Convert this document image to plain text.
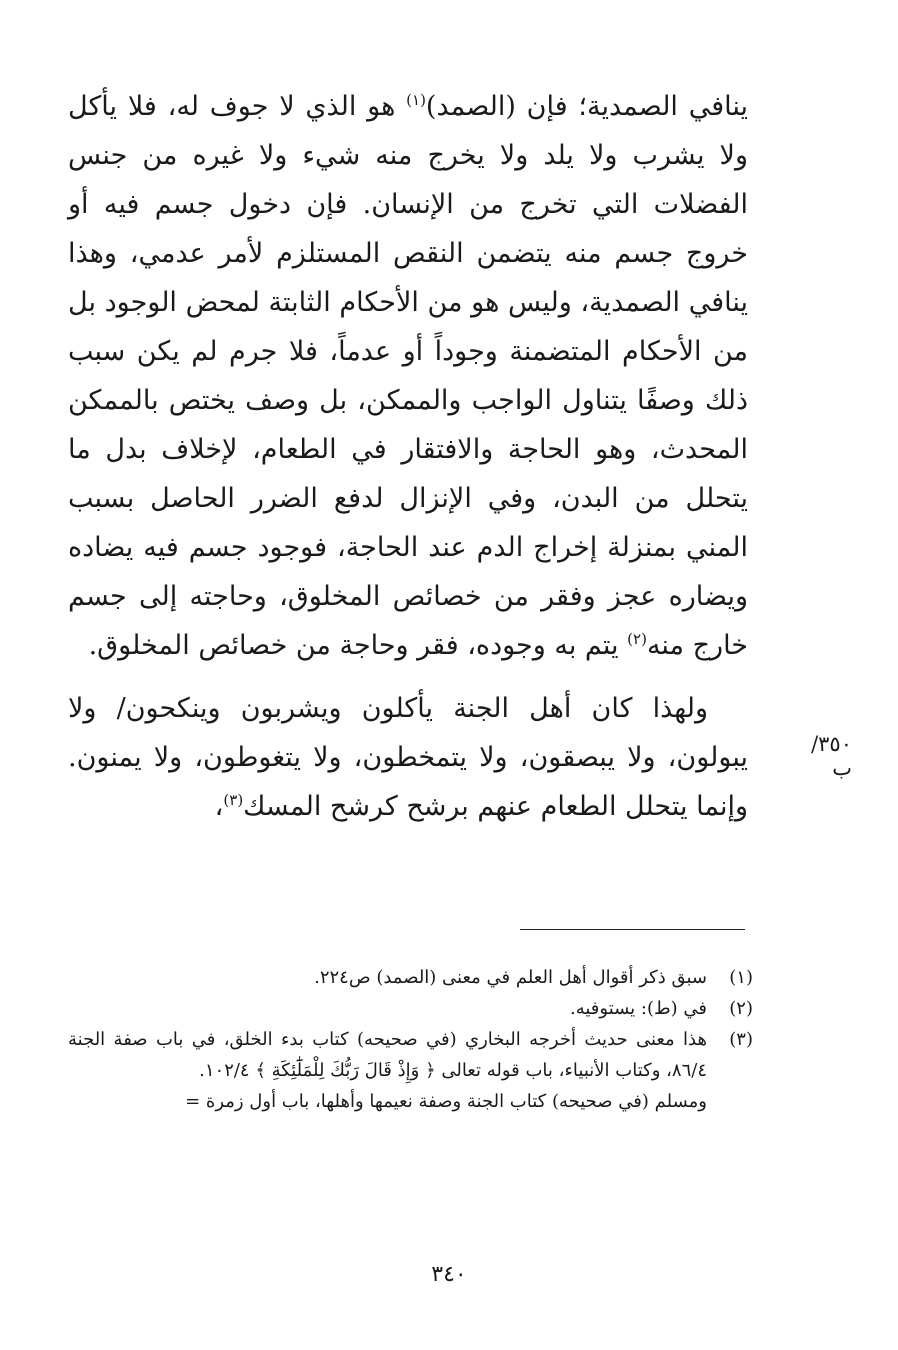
ينافي الصمدية؛ فإن (الصمد)$^{(١)}$ هو الذي لا جوف له، فلا يأكل ولا يشرب ولا يلد ولا يخرج منه شيء ولا غيره من جنس الفضلات التي تخرج من الإنسان. فإن دخول جسم فيه أو خروج جسم منه يتضمن النقص المستلزم لأمر عدمي، وهذا ينافي الصمدية، وليس هو من الأحكام الثابتة لمحض الوجود بل من الأحكام المتضمنة وجوداً أو عدماً، فلا جرم لم يكن سبب ذلك وصفًا يتناول الواجب والممكن، بل وصف يختص بالممكن المحدث، وهو الحاجة والافتقار في الطعام، لإخلاف بدل ما يتحلل من البدن، وفي الإنزال لدفع الضرر الحاصل بسبب المني بمنزلة إخراج الدم عند الحاجة، فوجود جسم فيه يضاده ويضاره عجز وفقر من خصائص المخلوق، وحاجته إلى جسم خارج منه$^{(٢)}$ يتم به وجوده، فقر وحاجة من خصائص المخلوق.

ولهذا كان أهل الجنة يأكلون ويشربون وينكحون/ ولا يبولون، ولا يبصقون، ولا يتمخطون، ولا يتغوطون، ولا يمنون. وإنما يتحلل الطعام عنهم برشح كرشح المسك$^{(٣)}$،

٣٥٠/ب
(١)
سبق ذكر أقوال أهل العلم في معنى (الصمد) ص٢٢٤.
(٢)
في (ط): يستوفيه.
(٣)
هذا معنى حديث أخرجه البخاري (في صحيحه) كتاب بدء الخلق، في باب صفة الجنة ٨٦/٤، وكتاب الأنبياء، باب قوله تعالى ﴿ وَإِذْ قَالَ رَبُّكَ لِلْمَلَٰٓئِكَةِ ﴾ ١٠٢/٤.
ومسلم (في صحيحه) كتاب الجنة وصفة نعيمها وأهلها، باب أول زمرة =
٣٤٠
